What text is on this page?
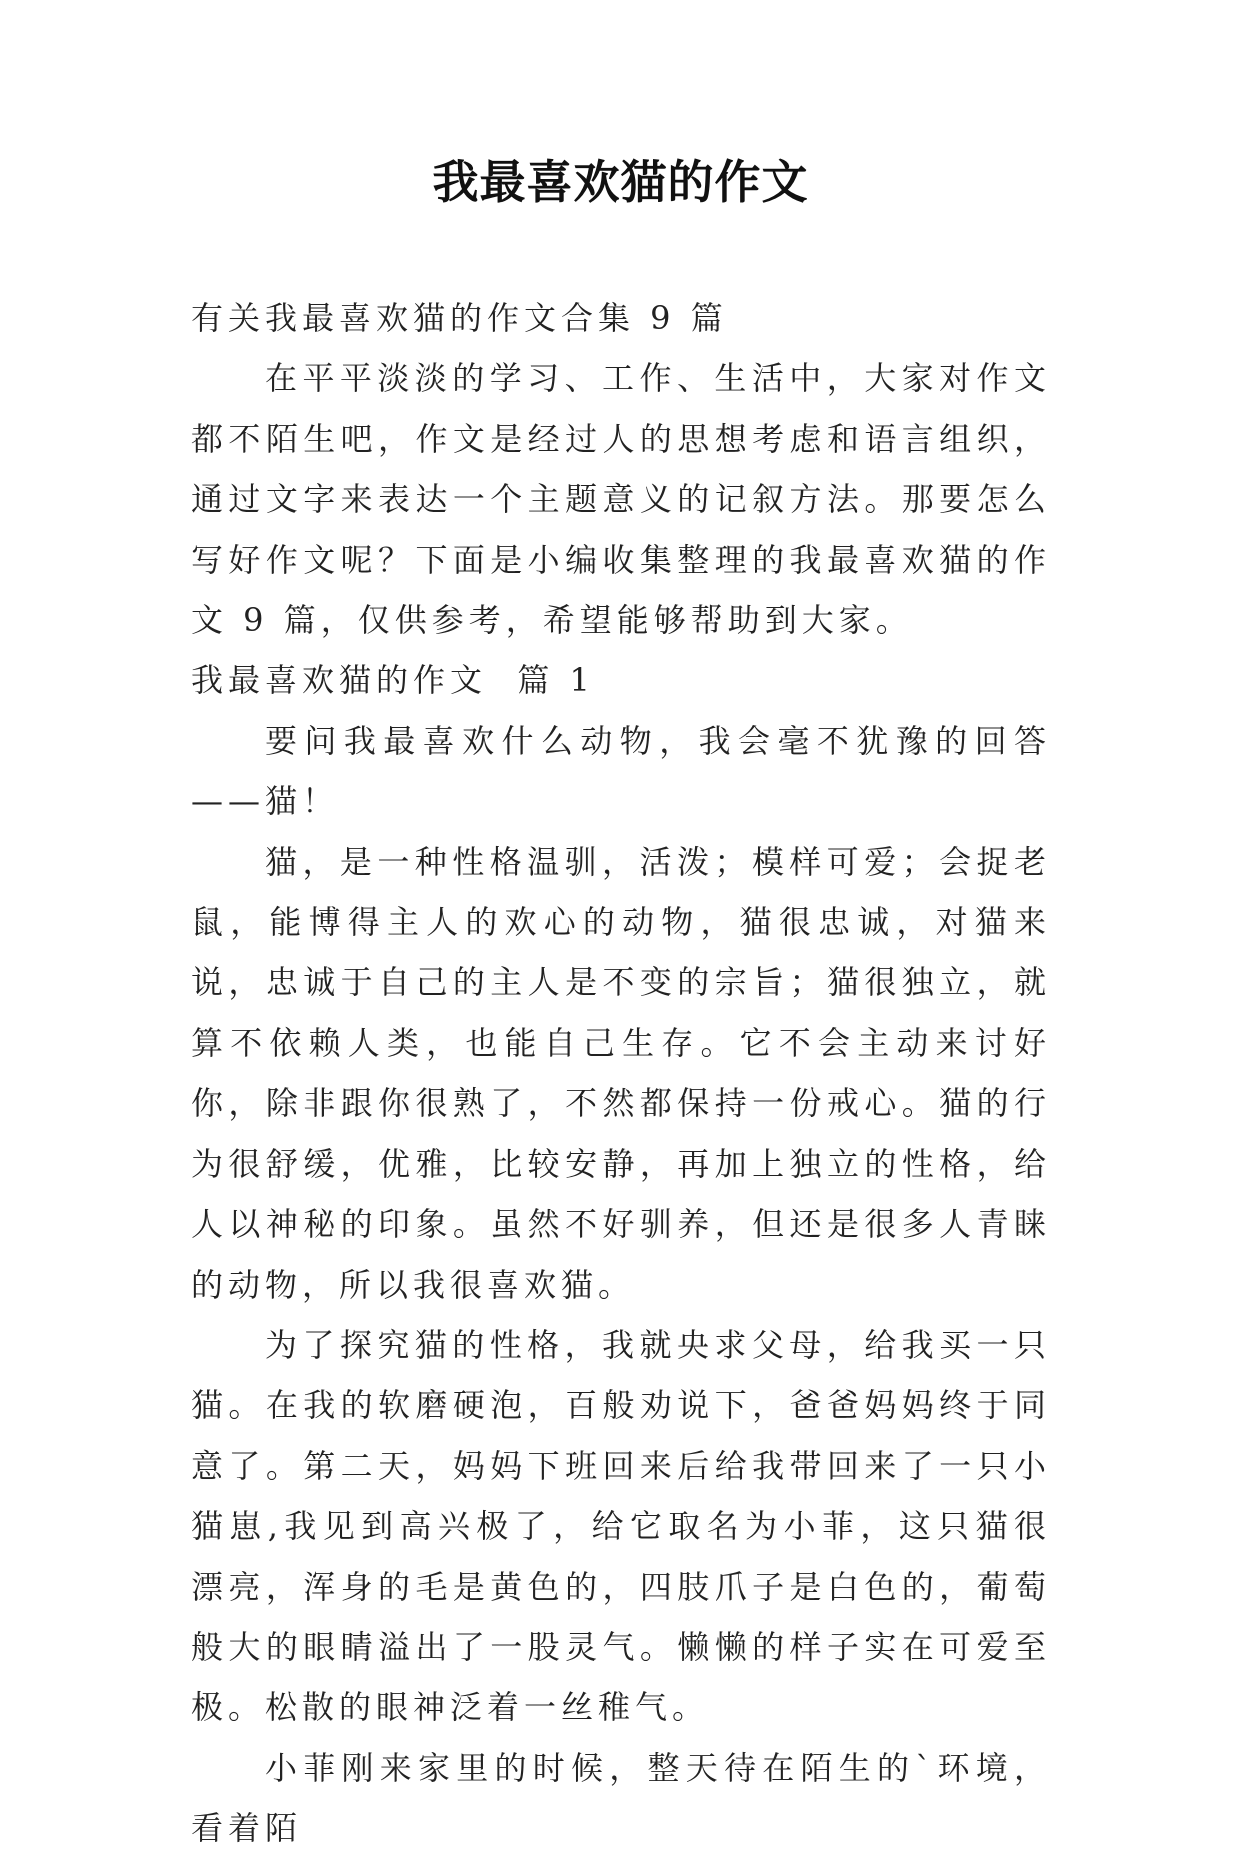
我最喜欢猫的作文

有关我最喜欢猫的作文合集 9 篇

在平平淡淡的学习、工作、生活中，大家对作文都不陌生吧，作文是经过人的思想考虑和语言组织，通过文字来表达一个主题意义的记叙方法。那要怎么写好作文呢？下面是小编收集整理的我最喜欢猫的作文 9 篇，仅供参考，希望能够帮助到大家。

我最喜欢猫的作文  篇 1

要问我最喜欢什么动物，我会毫不犹豫的回答——猫！

猫，是一种性格温驯，活泼；模样可爱；会捉老鼠，能博得主人的欢心的动物，猫很忠诚，对猫来说，忠诚于自己的主人是不变的宗旨；猫很独立，就算不依赖人类，也能自己生存。它不会主动来讨好你，除非跟你很熟了，不然都保持一份戒心。猫的行为很舒缓，优雅，比较安静，再加上独立的性格，给人以神秘的印象。虽然不好驯养，但还是很多人青睐的动物，所以我很喜欢猫。

为了探究猫的性格，我就央求父母，给我买一只猫。在我的软磨硬泡，百般劝说下，爸爸妈妈终于同意了。第二天，妈妈下班回来后给我带回来了一只小猫崽,我见到高兴极了，给它取名为小菲，这只猫很漂亮，浑身的毛是黄色的，四肢爪子是白色的，葡萄般大的眼睛溢出了一股灵气。懒懒的样子实在可爱至极。松散的眼神泛着一丝稚气。

小菲刚来家里的时候，整天待在陌生的`环境，看着陌
